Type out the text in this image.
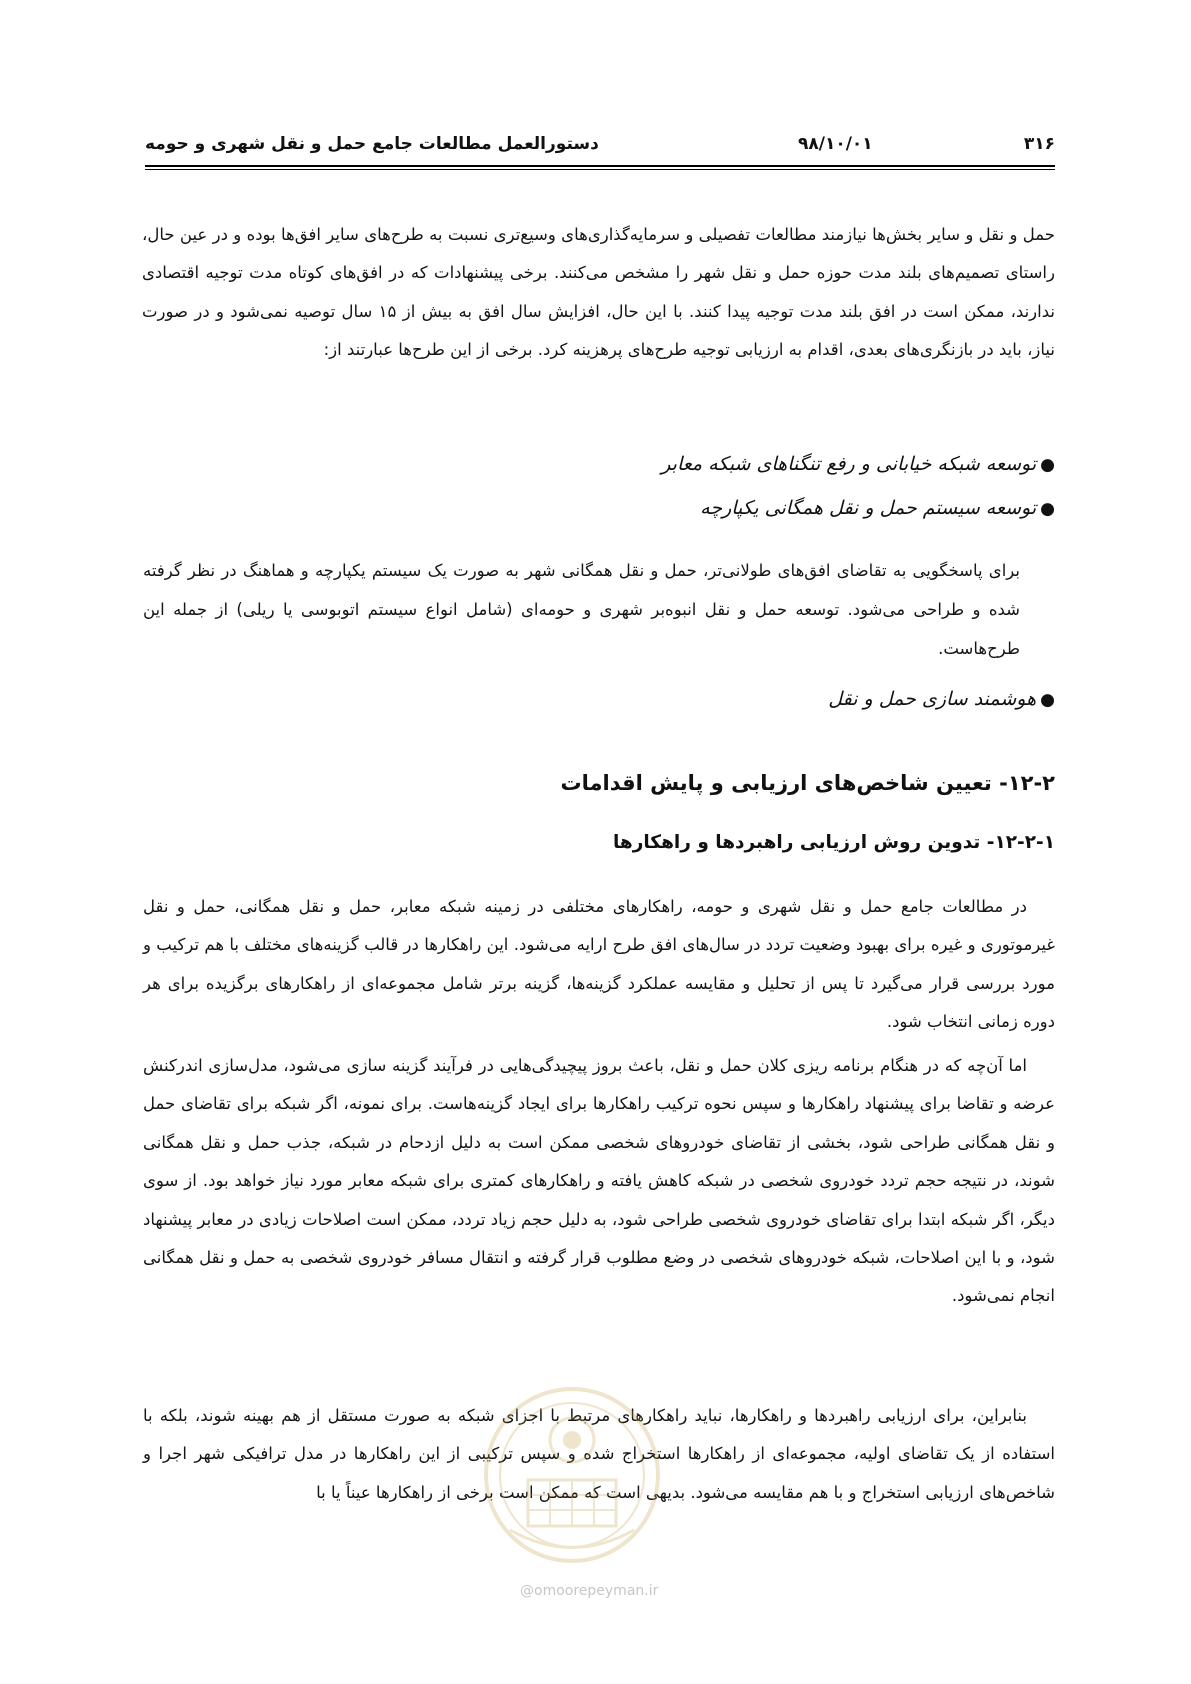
۳۱۶
۹۸/۱۰/۰۱
دستورالعمل مطالعات جامع حمل و نقل شهری و حومه
حمل و نقل و سایر بخش‌ها نیازمند مطالعات تفصیلی و سرمایه‌گذاری‌های وسیع‌تری نسبت به طرح‌های سایر افق‌ها بوده و در عین حال، راستای تصمیم‌های بلند مدت حوزه حمل و نقل شهر را مشخص می‌کنند. برخی پیشنهادات که در افق‌های کوتاه مدت توجیه اقتصادی ندارند، ممکن است در افق بلند مدت توجیه پیدا کنند. با این حال، افزایش سال افق به بیش از ۱۵ سال توصیه نمی‌شود و در صورت نیاز، باید در بازنگری‌های بعدی، اقدام به ارزیابی توجیه طرح‌های پرهزینه کرد. برخی از این طرح‌ها عبارتند از:
●توسعه شبکه خیابانی و رفع تنگناهای شبکه معابر
●توسعه سیستم حمل و نقل همگانی یکپارچه
برای پاسخگویی به تقاضای افق‌های طولانی‌تر، حمل و نقل همگانی شهر به صورت یک سیستم یکپارچه و هماهنگ در نظر گرفته شده و طراحی می‌شود. توسعه حمل و نقل انبوه‌بر شهری و حومه‌ای (شامل انواع سیستم اتوبوسی یا ریلی) از جمله این طرح‌هاست.
●هوشمند سازی حمل و نقل
۱۲-۲- تعیین شاخص‌های ارزیابی و پایش اقدامات
۱۲-۲-۱- تدوین روش ارزیابی راهبردها و راهکارها
در مطالعات جامع حمل و نقل شهری و حومه، راهکارهای مختلفی در زمینه شبکه معابر، حمل و نقل همگانی، حمل و نقل غیرموتوری و غیره برای بهبود وضعیت تردد در سال‌های افق طرح ارایه می‌شود. این راهکارها در قالب گزینه‌های مختلف با هم ترکیب و مورد بررسی قرار می‌گیرد تا پس از تحلیل و مقایسه عملکرد گزینه‌ها، گزینه برتر شامل مجموعه‌ای از راهکارهای برگزیده برای هر دوره زمانی انتخاب شود.
اما آن‌چه که در هنگام برنامه ریزی کلان حمل و نقل، باعث بروز پیچیدگی‌هایی در فرآیند گزینه سازی می‌شود، مدل‌سازی اندرکنش عرضه و تقاضا برای پیشنهاد راهکارها و سپس نحوه ترکیب راهکارها برای ایجاد گزینه‌هاست. برای نمونه، اگر شبکه برای تقاضای حمل و نقل همگانی طراحی شود، بخشی از تقاضای خودروهای شخصی ممکن است به دلیل ازدحام در شبکه، جذب حمل و نقل همگانی شوند، در نتیجه حجم تردد خودروی شخصی در شبکه کاهش یافته و راهکارهای کمتری برای شبکه معابر مورد نیاز خواهد بود. از سوی دیگر، اگر شبکه ابتدا برای تقاضای خودروی شخصی طراحی شود، به دلیل حجم زیاد تردد، ممکن است اصلاحات زیادی در معابر پیشنهاد شود، و با این اصلاحات، شبکه خودروهای شخصی در وضع مطلوب قرار گرفته و انتقال مسافر خودروی شخصی به حمل و نقل همگانی انجام نمی‌شود.
بنابراین، برای ارزیابی راهبردها و راهکارها، نباید راهکارهای مرتبط با اجزای شبکه به صورت مستقل از هم بهینه شوند، بلکه با استفاده از یک تقاضای اولیه، مجموعه‌ای از راهکارها استخراج شده و سپس ترکیبی از این راهکارها در مدل ترافیکی شهر اجرا و شاخص‌های ارزیابی استخراج و با هم مقایسه می‌شود. بدیهی است که ممکن است برخی از راهکارها عیناً یا با
@omoorepeyman.ir
